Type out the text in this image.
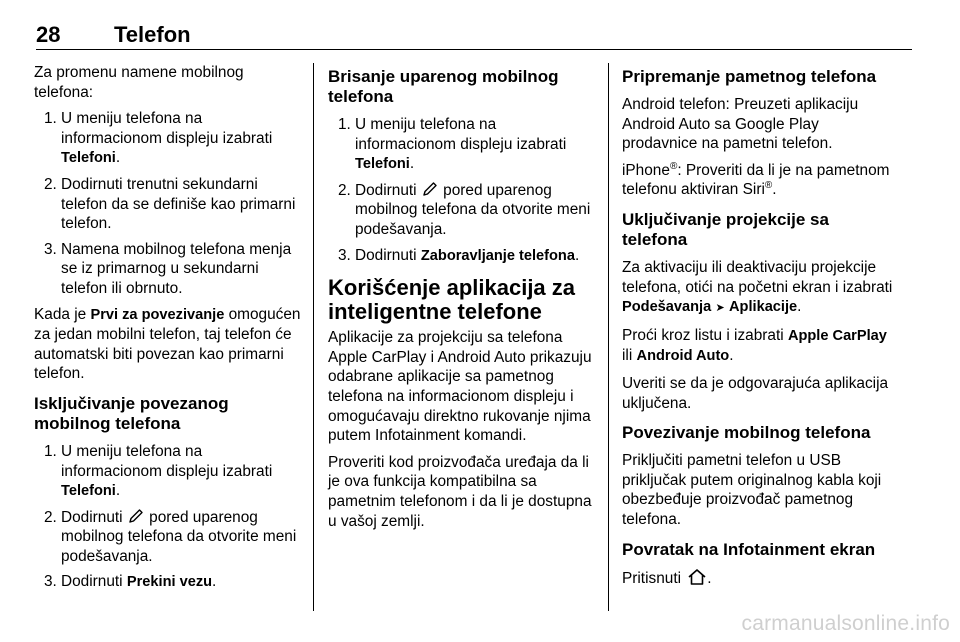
28 Telefon

Za promenu namene mobilnog telefona:

1. U meniju telefona na informacionom displeju izabrati Telefoni.
2. Dodirnuti trenutni sekundarni telefon da se definiše kao primarni telefon.
3. Namena mobilnog telefona menja se iz primarnog u sekundarni telefon ili obrnuto.

Kada je Prvi za povezivanje omogućen za jedan mobilni telefon, taj telefon će automatski biti povezan kao primarni telefon.

Isključivanje povezanog mobilnog telefona
1. U meniju telefona na informacionom displeju izabrati Telefoni.
2. Dodirnuti  pored uparenog mobilnog telefona da otvorite meni podešavanja.
3. Dodirnuti Prekini vezu.
Brisanje uparenog mobilnog telefona
1. U meniju telefona na informacionom displeju izabrati Telefoni.
2. Dodirnuti  pored uparenog mobilnog telefona da otvorite meni podešavanja.
3. Dodirnuti Zaboravljanje telefona.
Korišćenje aplikacija za inteligentne telefone

Aplikacije za projekciju sa telefona Apple CarPlay i Android Auto prikazuju odabrane aplikacije sa pametnog telefona na informacionom displeju i omogućavaju direktno rukovanje njima putem Infotainment komandi.

Proveriti kod proizvođača uređaja da li je ova funkcija kompatibilna sa pametnim telefonom i da li je dostupna u vašoj zemlji.

Pripremanje pametnog telefona

Android telefon: Preuzeti aplikaciju Android Auto sa Google Play prodavnice na pametni telefon.

iPhone®: Proveriti da li je na pametnom telefonu aktiviran Siri®.

Uključivanje projekcije sa telefona

Za aktivaciju ili deaktivaciju projekcije telefona, otići na početni ekran i izabrati Podešavanja ➤ Aplikacije.

Proći kroz listu i izabrati Apple CarPlay ili Android Auto.

Uveriti se da je odgovarajuća aplikacija uključena.

Povezivanje mobilnog telefona

Priključiti pametni telefon u USB priključak putem originalnog kabla koji obezbeđuje proizvođač pametnog telefona.

Povratak na Infotainment ekran

Pritisnuti .

carmanualsonline.info
